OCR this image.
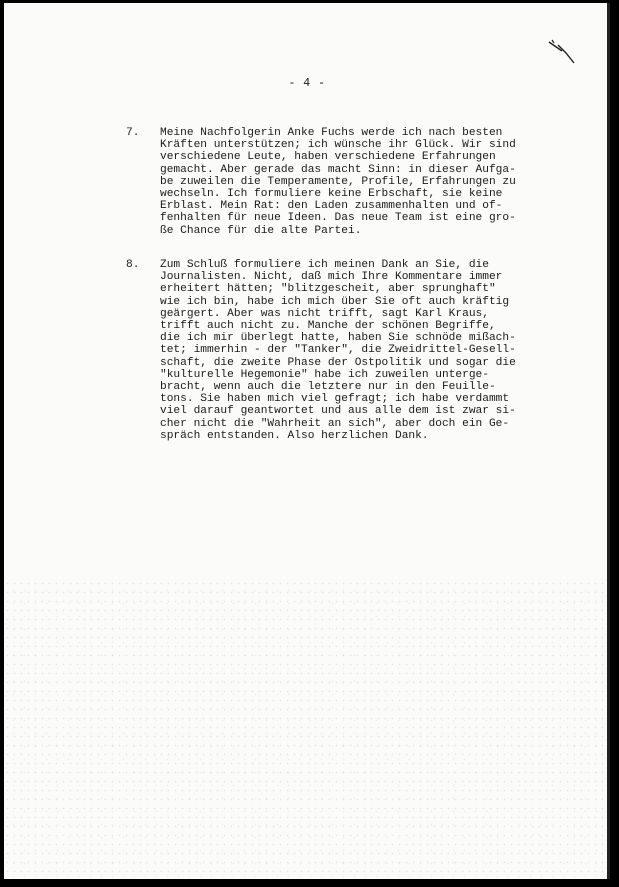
- 4 -
7. Meine Nachfolgerin Anke Fuchs werde ich nach besten
Kräften unterstützen; ich wünsche ihr Glück. Wir sind
verschiedene Leute, haben verschiedene Erfahrungen
gemacht. Aber gerade das macht Sinn: in dieser Aufga-
be zuweilen die Temperamente, Profile, Erfahrungen zu
wechseln. Ich formuliere keine Erbschaft, sie keine
Erblast. Mein Rat: den Laden zusammenhalten und of-
fenhalten für neue Ideen. Das neue Team ist eine gro-
ße Chance für die alte Partei.
8. Zum Schluß formuliere ich meinen Dank an Sie, die
Journalisten. Nicht, daß mich Ihre Kommentare immer
erheitert hätten; "blitzgescheit, aber sprunghaft"
wie ich bin, habe ich mich über Sie oft auch kräftig
geärgert. Aber was nicht trifft, sagt Karl Kraus,
trifft auch nicht zu. Manche der schönen Begriffe,
die ich mir überlegt hatte, haben Sie schnöde mißach-
tet; immerhin - der "Tanker", die Zweidrittel-Gesell-
schaft, die zweite Phase der Ostpolitik und sogar die
"kulturelle Hegemonie" habe ich zuweilen unterge-
bracht, wenn auch die letztere nur in den Feuille-
tons. Sie haben mich viel gefragt; ich habe verdammt
viel darauf geantwortet und aus alle dem ist zwar si-
cher nicht die "Wahrheit an sich", aber doch ein Ge-
spräch entstanden. Also herzlichen Dank.
